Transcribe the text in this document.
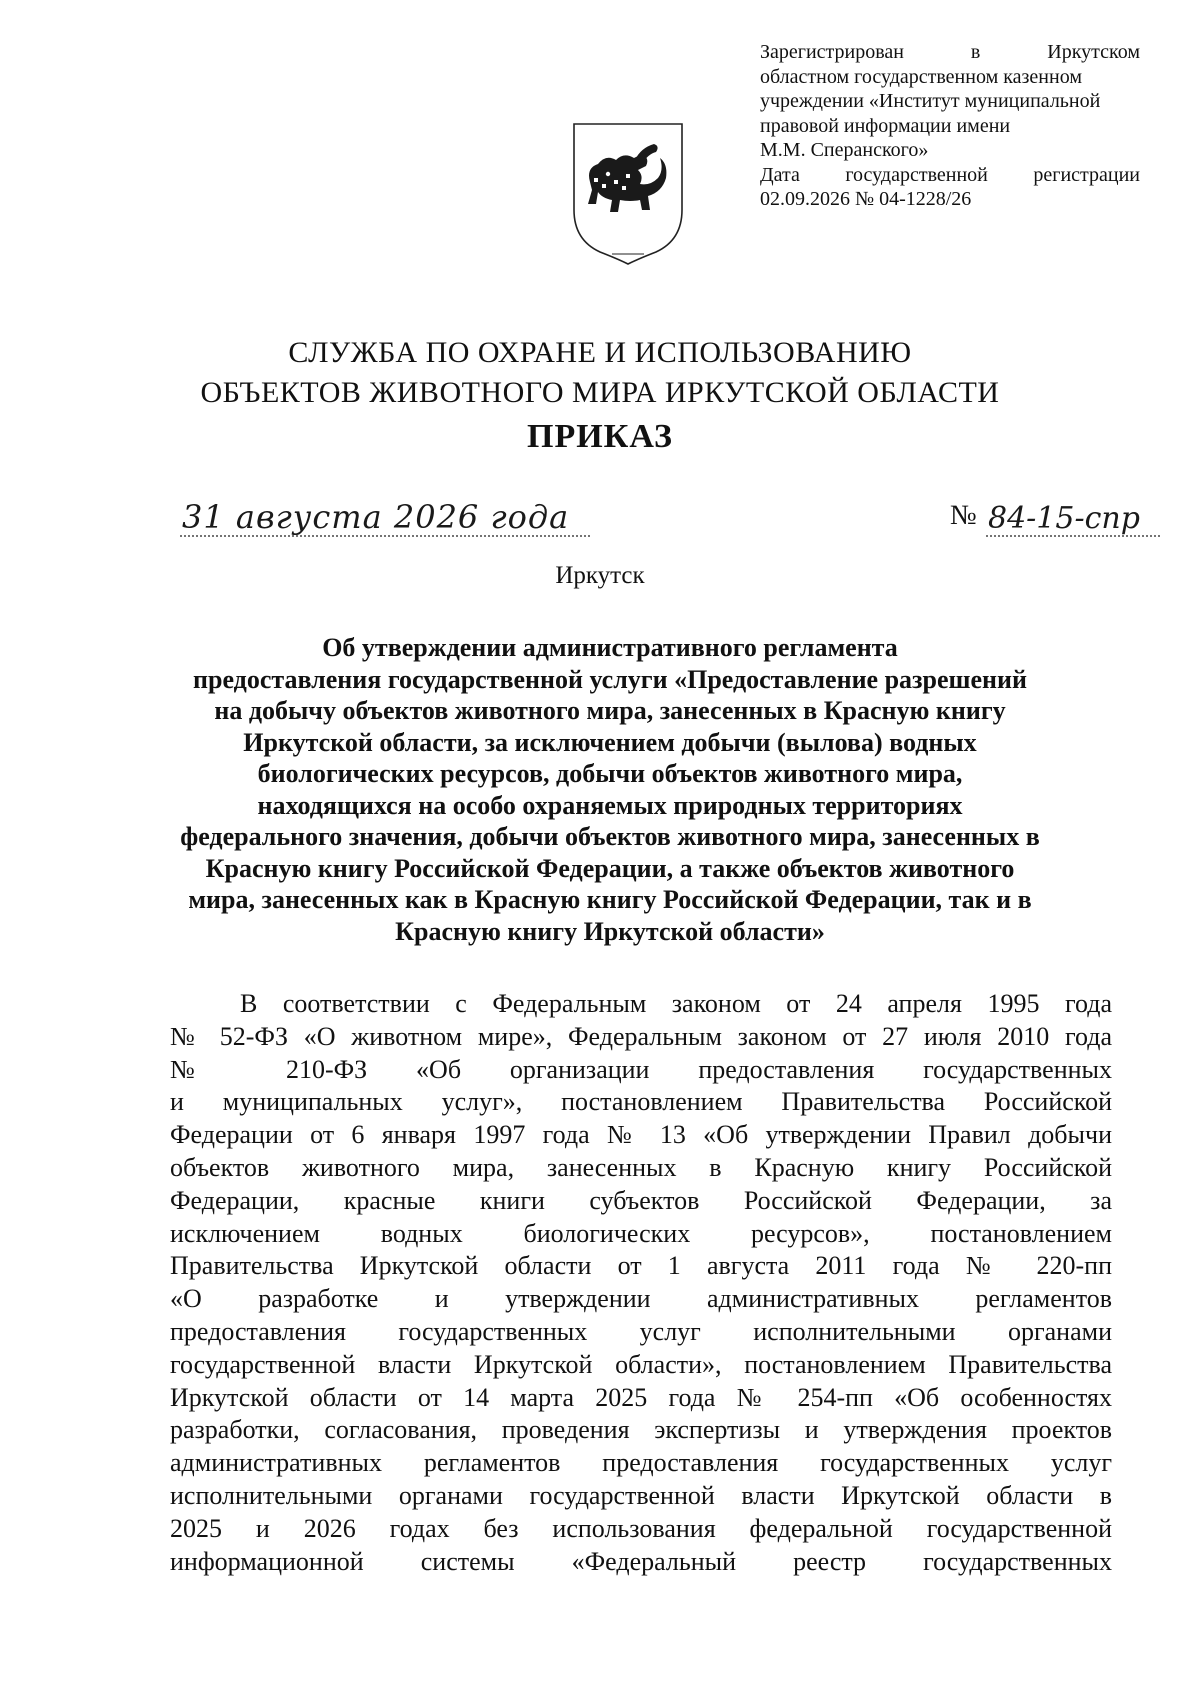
Зарегистрирован	в	Иркутском
областном государственном казенном
учреждении «Институт муниципальной
правовой информации имени
М.М. Сперанского»
Дата государственной регистрации
02.09.2026 № 04-1228/26
СЛУЖБА ПО ОХРАНЕ И ИСПОЛЬЗОВАНИЮ
ОБЪЕКТОВ ЖИВОТНОГО МИРА ИРКУТСКОЙ ОБЛАСТИ
ПРИКАЗ
31 августа 2026 года	№ 84-15-спр
Иркутск
Об утверждении административного регламента
предоставления государственной услуги «Предоставление разрешений
на добычу объектов животного мира, занесенных в Красную книгу
Иркутской области, за исключением добычи (вылова) водных
биологических ресурсов, добычи объектов животного мира,
находящихся на особо охраняемых природных территориях
федерального значения, добычи объектов животного мира, занесенных в
Красную книгу Российской Федерации, а также объектов животного
мира, занесенных как в Красную книгу Российской Федерации, так и в
Красную книгу Иркутской области»
В соответствии с Федеральным законом от 24 апреля 1995 года
№ 52-ФЗ «О животном мире», Федеральным законом от 27 июля 2010 года
№ 210-ФЗ «Об организации предоставления государственных
и муниципальных услуг», постановлением Правительства Российской
Федерации от 6 января 1997 года № 13 «Об утверждении Правил добычи
объектов животного мира, занесенных в Красную книгу Российской
Федерации, красные книги субъектов Российской Федерации, за
исключением водных биологических ресурсов», постановлением
Правительства Иркутской области от 1 августа 2011 года № 220-пп
«О разработке и утверждении административных регламентов
предоставления государственных услуг исполнительными органами
государственной власти Иркутской области», постановлением Правительства
Иркутской области от 14 марта 2025 года № 254-пп «Об особенностях
разработки, согласования, проведения экспертизы и утверждения проектов
административных регламентов предоставления государственных услуг
исполнительными органами государственной власти Иркутской области в
2025 и 2026 годах без использования федеральной государственной
информационной системы «Федеральный реестр государственных
